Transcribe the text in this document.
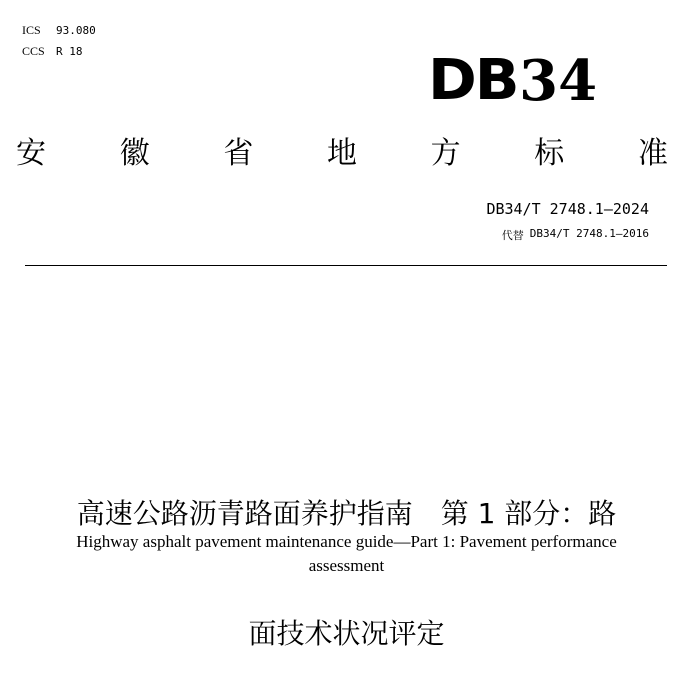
ICS	93.080
CCS	R 18	DB 34
安 徽 省 地 方 标 准
DB34/T 2748.1—2024
代替 DB34/T 2748.1—2016

高速公路沥青路面养护指南　第 1 部分：路

面技术状况评定

Highway asphalt pavement maintenance guide—Part 1: Pavement performance
assessment
